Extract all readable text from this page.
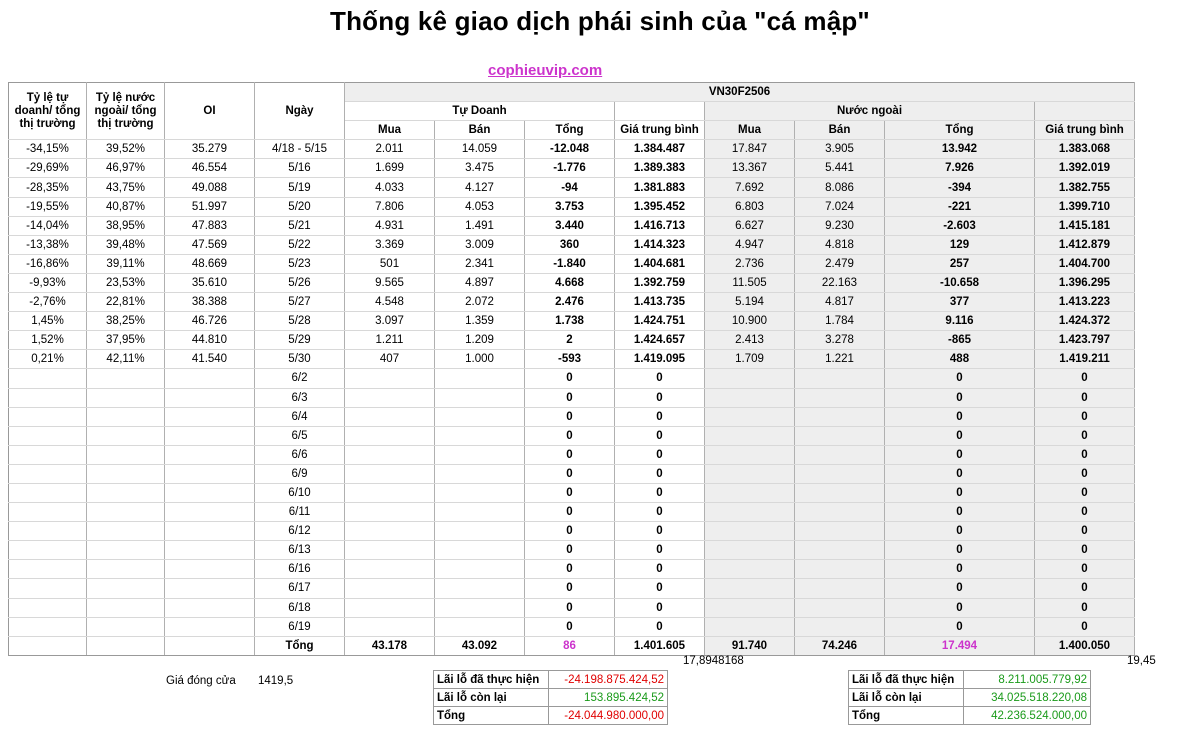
Thống kê giao dịch phái sinh của "cá mập"
cophieuvip.com
Tỷ lệ tự doanh/ tổng thị trường	Tỷ lệ nước ngoài/ tổng thị trường	OI	Ngày	VN30F2506							
				Tự Doanh				Nước ngoài			
				Mua	Bán	Tổng	Giá trung bình	Mua	Bán	Tổng	Giá trung bình
-34,15%	39,52%	35.279	4/18 - 5/15	2.011	14.059	-12.048	1.384.487	17.847	3.905	13.942	1.383.068
-29,69%	46,97%	46.554	5/16	1.699	3.475	-1.776	1.389.383	13.367	5.441	7.926	1.392.019
-28,35%	43,75%	49.088	5/19	4.033	4.127	-94	1.381.883	7.692	8.086	-394	1.382.755
-19,55%	40,87%	51.997	5/20	7.806	4.053	3.753	1.395.452	6.803	7.024	-221	1.399.710
-14,04%	38,95%	47.883	5/21	4.931	1.491	3.440	1.416.713	6.627	9.230	-2.603	1.415.181
-13,38%	39,48%	47.569	5/22	3.369	3.009	360	1.414.323	4.947	4.818	129	1.412.879
-16,86%	39,11%	48.669	5/23	501	2.341	-1.840	1.404.681	2.736	2.479	257	1.404.700
-9,93%	23,53%	35.610	5/26	9.565	4.897	4.668	1.392.759	11.505	22.163	-10.658	1.396.295
-2,76%	22,81%	38.388	5/27	4.548	2.072	2.476	1.413.735	5.194	4.817	377	1.413.223
1,45%	38,25%	46.726	5/28	3.097	1.359	1.738	1.424.751	10.900	1.784	9.116	1.424.372
1,52%	37,95%	44.810	5/29	1.211	1.209	2	1.424.657	2.413	3.278	-865	1.423.797
0,21%	42,11%	41.540	5/30	407	1.000	-593	1.419.095	1.709	1.221	488	1.419.211
			6/2			0	0			0	0
			6/3			0	0			0	0
			6/4			0	0			0	0
			6/5			0	0			0	0
			6/6			0	0			0	0
			6/9			0	0			0	0
			6/10			0	0			0	0
			6/11			0	0			0	0
			6/12			0	0			0	0
			6/13			0	0			0	0
			6/16			0	0			0	0
			6/17			0	0			0	0
			6/18			0	0			0	0
			6/19			0	0			0	0
			Tổng	43.178	43.092	86	1.401.605	91.740	74.246	17.494	1.400.050
17,8948168	19,45
Giá đóng cửa 1419,5	Lãi lỗ đã thực hiện	-24.198.875.424,52
Lãi lỗ còn lại	153.895.424,52
Tổng	-24.044.980.000,00
Lãi lỗ đã thực hiện	8.211.005.779,92
Lãi lỗ còn lại	34.025.518.220,08
Tổng	42.236.524.000,00
